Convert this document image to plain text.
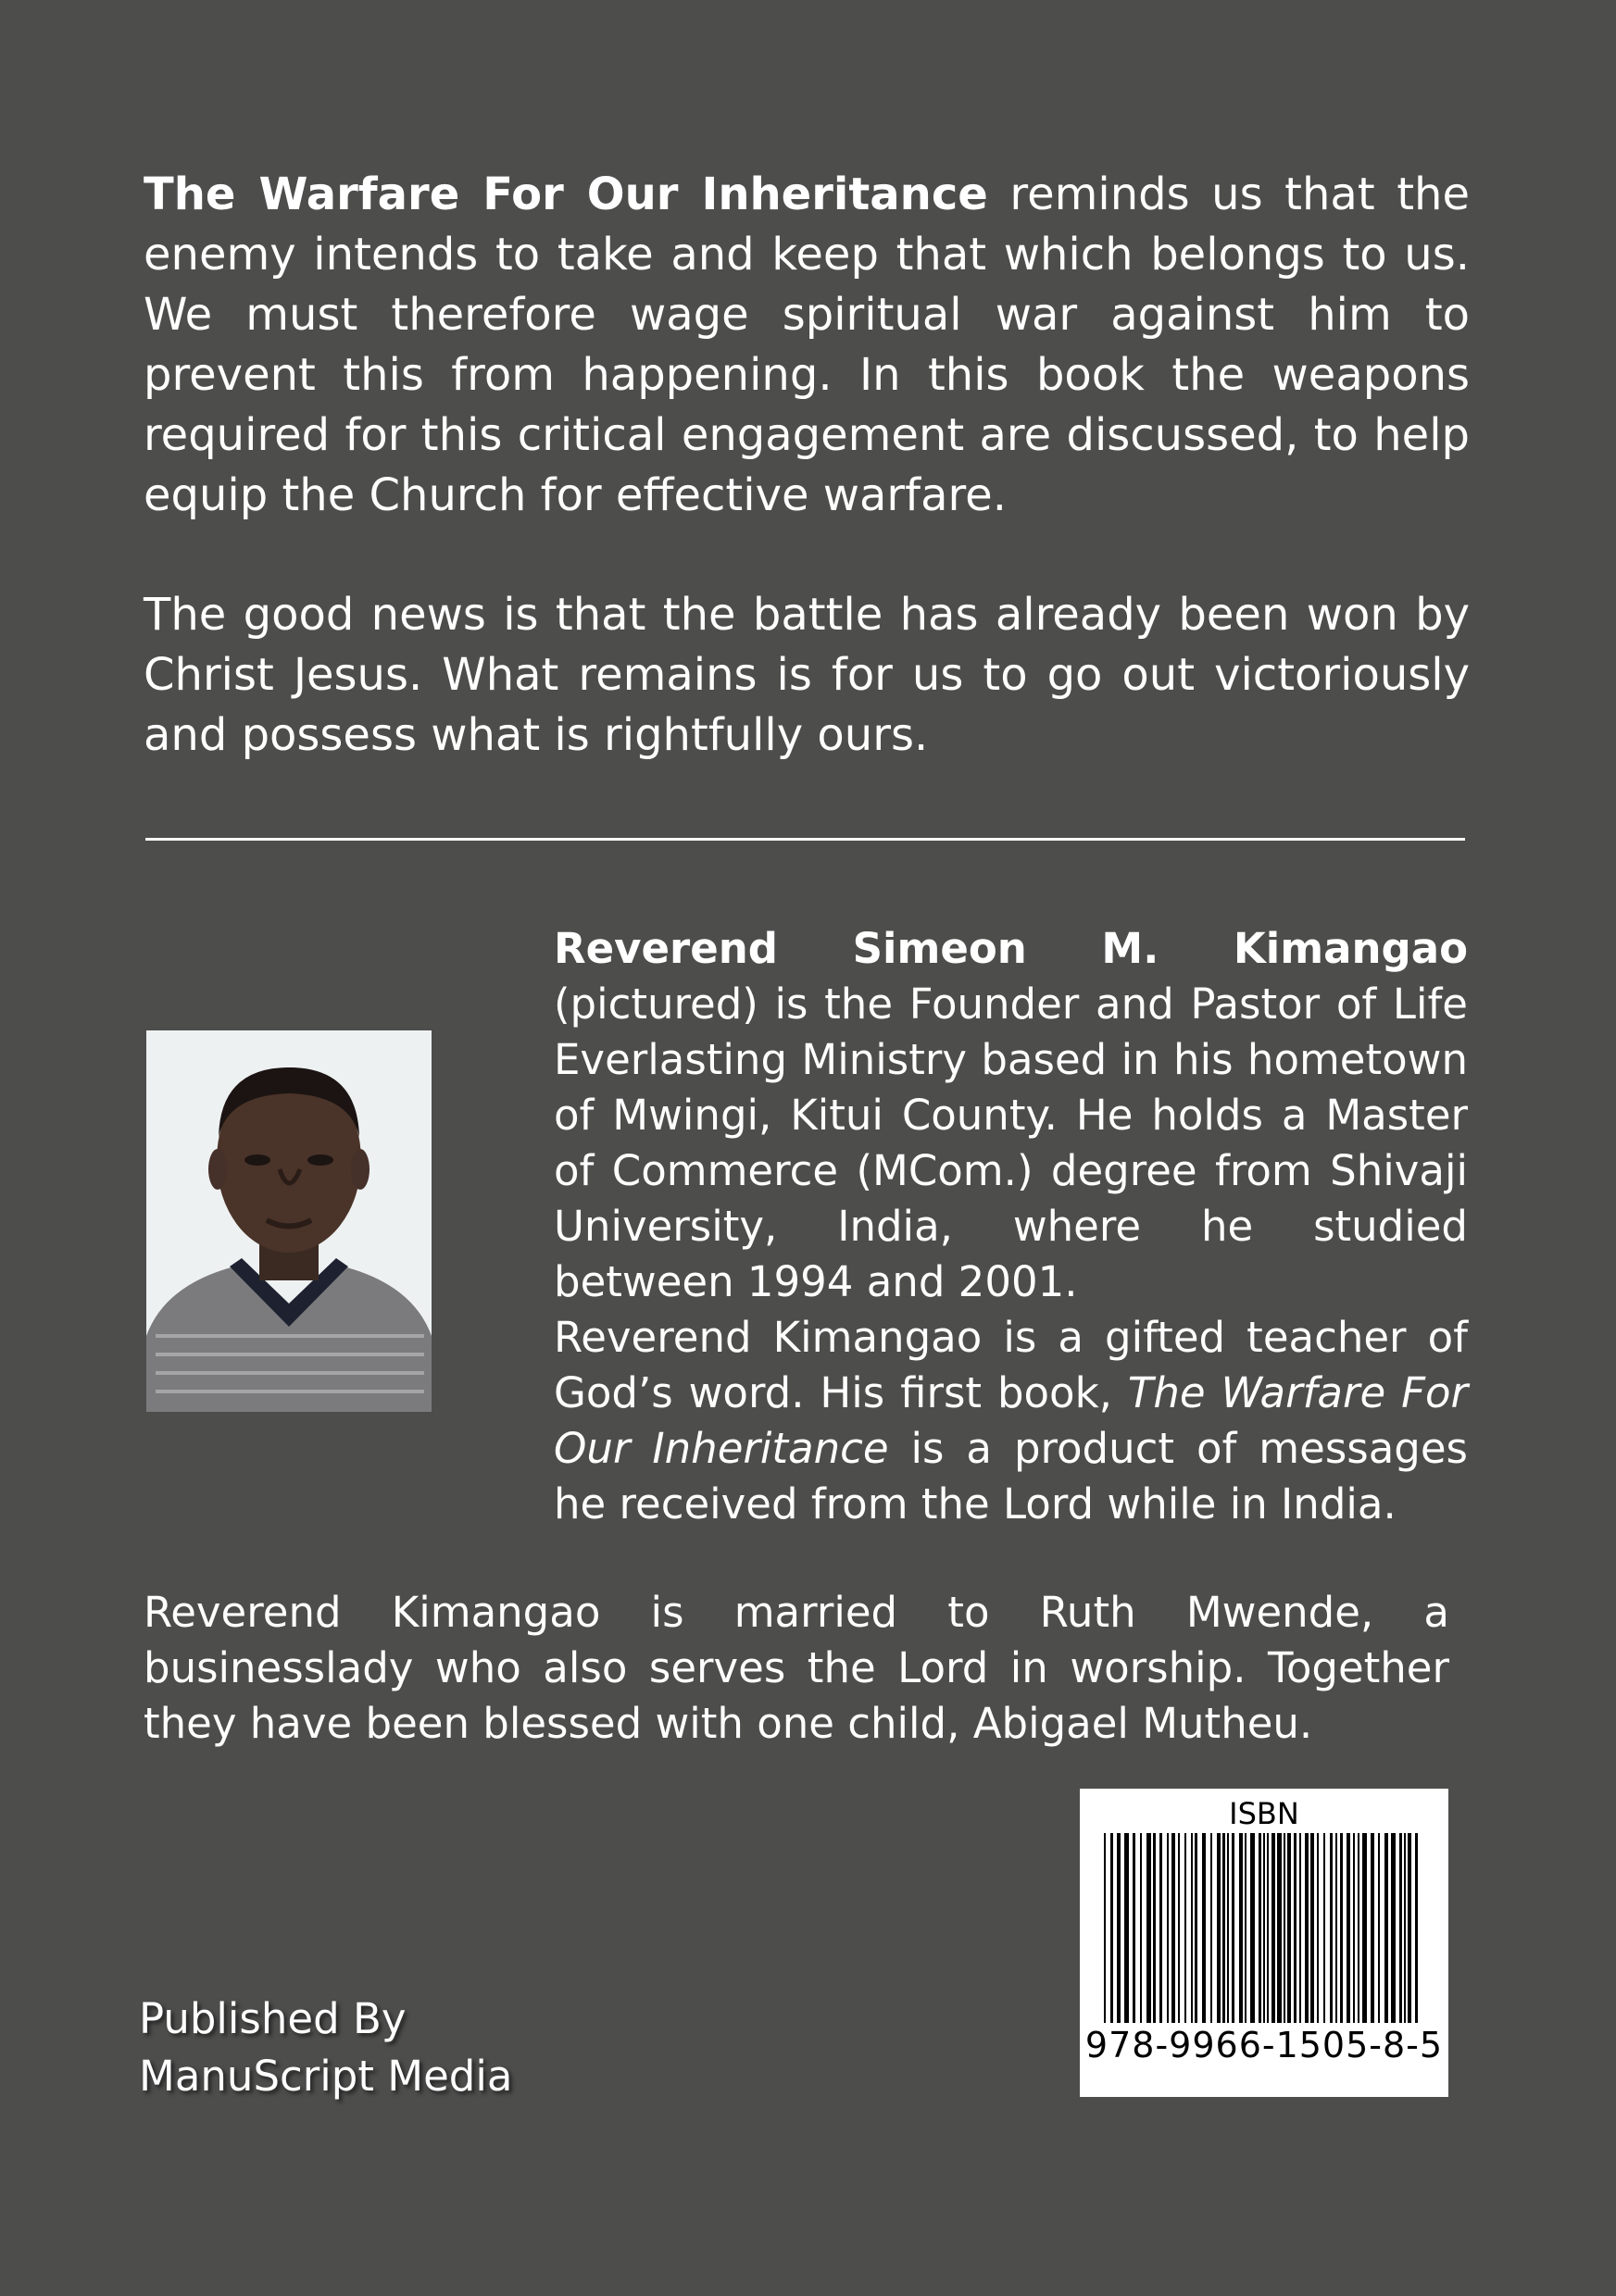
The Warfare For Our Inheritance reminds us that the enemy intends to take and keep that which belongs to us. We must therefore wage spiritual war against him to prevent this from happening. In this book the weapons required for this critical engagement are discussed, to help equip the Church for effective warfare.

The good news is that the battle has already been won by Christ Jesus. What remains is for us to go out victoriously and possess what is rightfully ours.

Reverend Simeon M. Kimangao (pictured) is the Founder and Pastor of Life Everlasting Ministry based in his hometown of Mwingi, Kitui County. He holds a Master of Commerce (MCom.) degree from Shivaji University, India, where he studied between 1994 and 2001.

Reverend Kimangao is a gifted teacher of God’s word. His first book, The Warfare For Our Inheritance is a product of messages he received from the Lord while in India.

Reverend Kimangao is married to Ruth Mwende, a businesslady who also serves the Lord in worship. Together they have been blessed with one child, Abigael Mutheu.

Published By
ManuScript Media
ISBN
978-9966-1505-8-5
